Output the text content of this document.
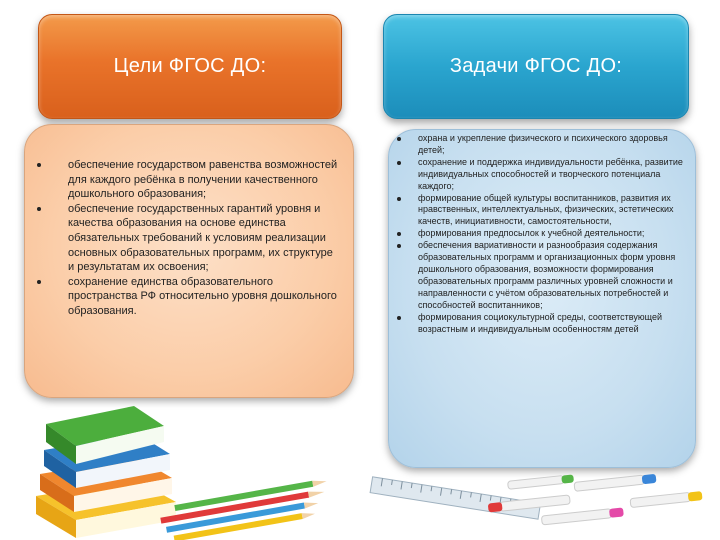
Цели ФГОС ДО:	Задачи ФГОС ДО:
обеспечение государством равенства возможностей для каждого ребёнка в получении качественного дошкольного образования;
обеспечение государственных гарантий уровня и качества образования на основе единства обязательных требований к условиям реализации основных образовательных программ, их структуре и результатам их освоения;
сохранение единства образовательного пространства РФ относительно уровня дошкольного образования.
охрана и укрепление физического и психического здоровья детей;
сохранение и поддержка индивидуальности ребёнка, развитие индивидуальных способностей и творческого потенциала каждого;
формирование общей культуры воспитанников, развития их нравственных, интеллектуальных, физических, эстетических качеств, инициативности, самостоятельности,
формирования предпосылок к учебной деятельности;
обеспечения вариативности и разнообразия содержания образовательных программ и организационных форм уровня дошкольного образования, возможности формирования образовательных программ различных уровней сложности и направленности с учётом образовательных потребностей и способностей воспитанников;
формирования социокультурной среды, соответствующей возрастным и индивидуальным особенностям детей
